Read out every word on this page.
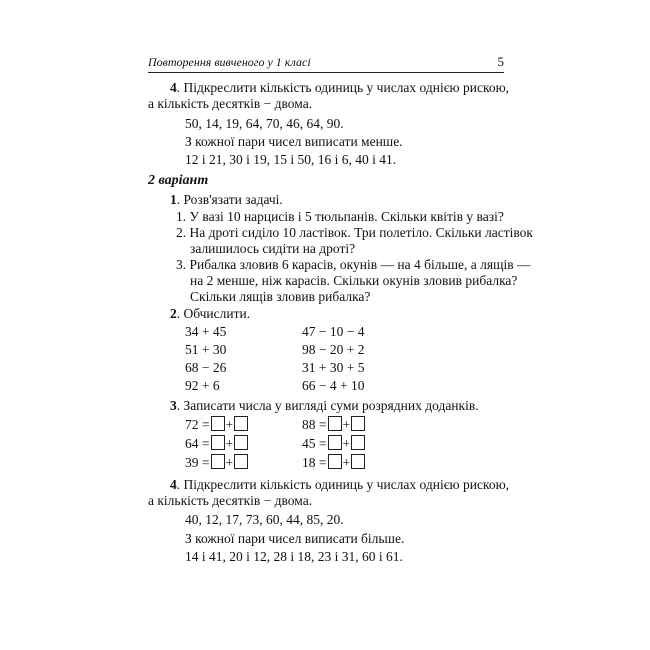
Повторення вивченого у 1 класі	5
4. Підкреслити кількість одиниць у числах однією рискою,
а кількість десятків − двома.
50, 14, 19, 64, 70, 46, 64, 90.
З кожної пари чисел виписати менше.
12 і 21, 30 і 19, 15 і 50, 16 і 6, 40 і 41.
2 варіант
1. Розв'язати задачі.
1. У вазі 10 нарцисів і 5 тюльпанів. Скільки квітів у вазі?
2. На дроті сиділо 10 ластівок. Три полетіло. Скільки ластівок
залишилось сидіти на дроті?
3. Рибалка зловив 6 карасів, окунів — на 4 більше, а лящів —
на 2 менше, ніж карасів. Скільки окунів зловив рибалка?
Скільки лящів зловив рибалка?
2. Обчислити.
34 + 45
51 + 30
68 − 26
92 + 6
47 − 10 − 4
98 − 20 + 2
31 + 30 + 5
66 − 4 + 10
3. Записати числа у вигляді суми розрядних доданків.
72 = +
64 = +
39 = +
88 = +
45 = +
18 = +
4. Підкреслити кількість одиниць у числах однією рискою,
а кількість десятків − двома.
40, 12, 17, 73, 60, 44, 85, 20.
З кожної пари чисел виписати більше.
14 і 41, 20 і 12, 28 і 18, 23 і 31, 60 і 61.
